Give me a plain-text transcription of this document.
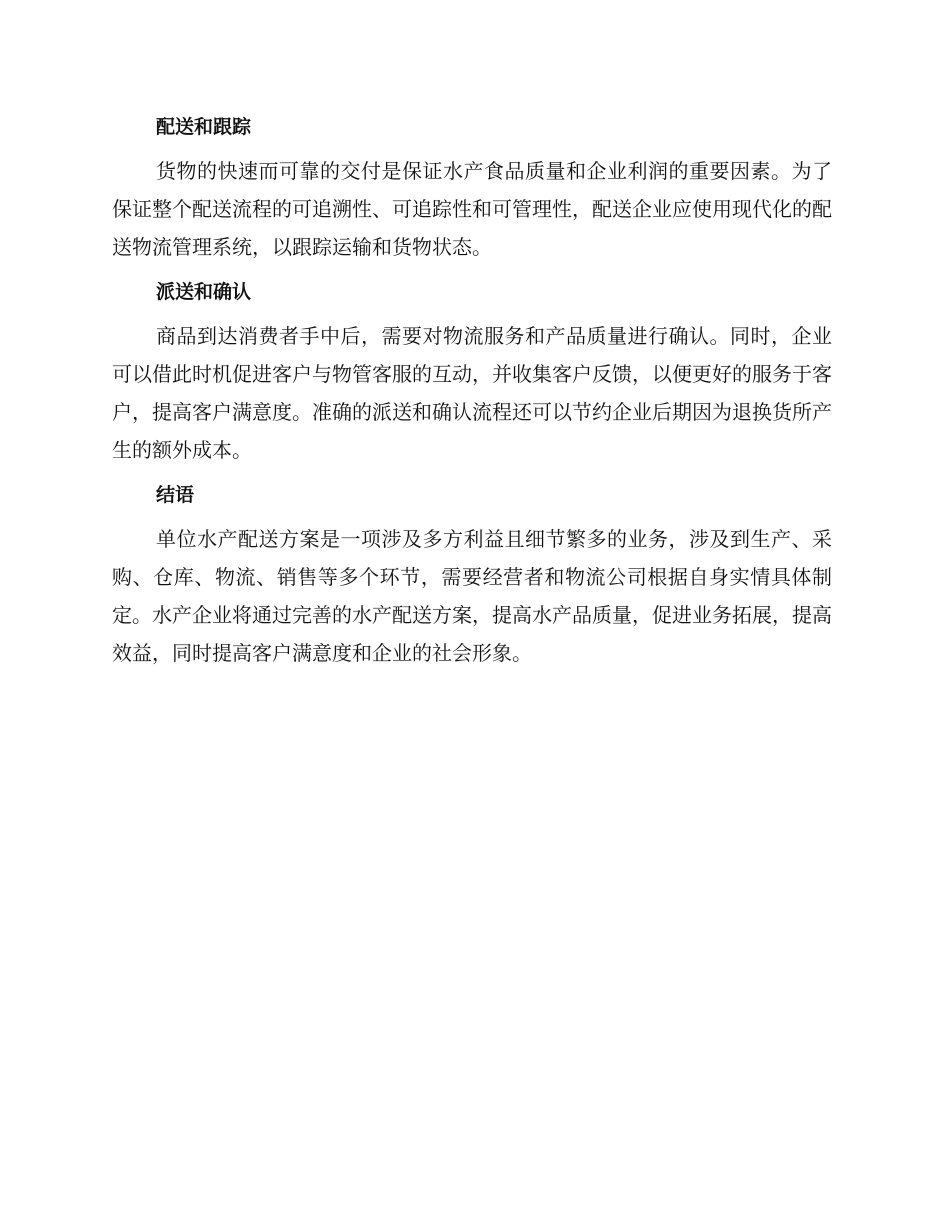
配送和跟踪

货物的快速而可靠的交付是保证水产食品质量和企业利润的重要因素。为了保证整个配送流程的可追溯性、可追踪性和可管理性，配送企业应使用现代化的配送物流管理系统，以跟踪运输和货物状态。

派送和确认

商品到达消费者手中后，需要对物流服务和产品质量进行确认。同时，企业可以借此时机促进客户与物管客服的互动，并收集客户反馈，以便更好的服务于客户，提高客户满意度。准确的派送和确认流程还可以节约企业后期因为退换货所产生的额外成本。

结语

单位水产配送方案是一项涉及多方利益且细节繁多的业务，涉及到生产、采购、仓库、物流、销售等多个环节，需要经营者和物流公司根据自身实情具体制定。水产企业将通过完善的水产配送方案，提高水产品质量，促进业务拓展，提高效益，同时提高客户满意度和企业的社会形象。
